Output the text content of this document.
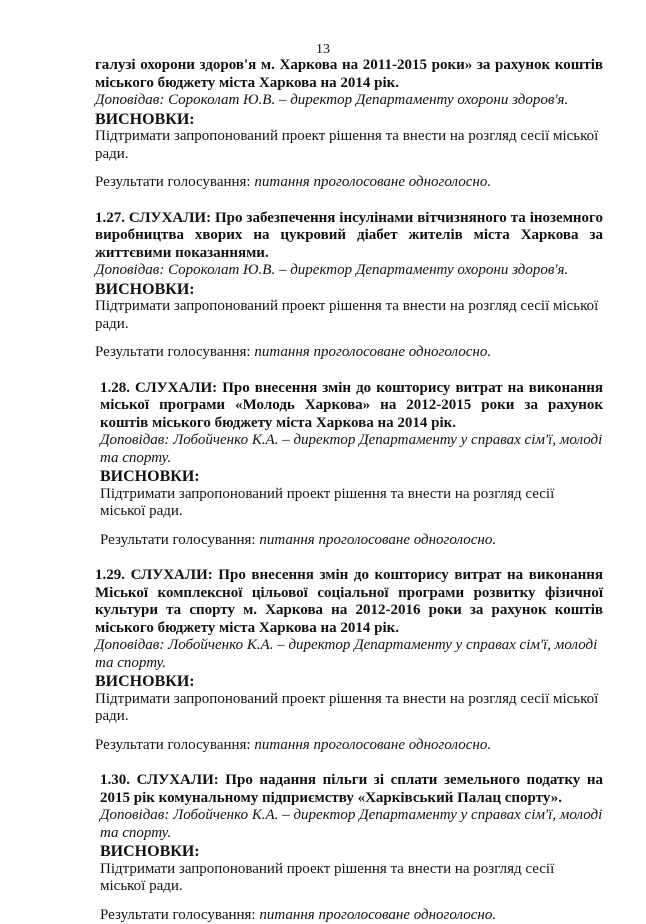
13

галузі охорони здоров'я м. Харкова на 2011-2015 роки» за рахунок коштів міського бюджету міста Харкова на 2014 рік.

Доповідав: Сороколат Ю.В. – директор Департаменту охорони здоров'я.

ВИСНОВКИ:

Підтримати запропонований проект рішення та внести на розгляд сесії міської ради.

Результати голосування: питання проголосоване одноголосно.

1.27. СЛУХАЛИ: Про забезпечення інсулінами вітчизняного та іноземного виробництва хворих на цукровий діабет жителів міста Харкова за життєвими показаннями.

Доповідав: Сороколат Ю.В. – директор Департаменту охорони здоров'я.

ВИСНОВКИ:

Підтримати запропонований проект рішення та внести на розгляд сесії міської ради.

Результати голосування: питання проголосоване одноголосно.

1.28. СЛУХАЛИ: Про внесення змін до кошторису витрат на виконання міської програми «Молодь Харкова» на 2012-2015 роки за рахунок коштів міського бюджету міста Харкова на 2014 рік.

Доповідав: Лобойченко К.А. – директор Департаменту у справах сім'ї, молоді та спорту.

ВИСНОВКИ:

Підтримати запропонований проект рішення та внести на розгляд сесії міської ради.

Результати голосування: питання проголосоване одноголосно.

1.29. СЛУХАЛИ: Про внесення змін до кошторису витрат на виконання Міської комплексної цільової соціальної програми розвитку фізичної культури та спорту м. Харкова на 2012-2016 роки за рахунок коштів міського бюджету міста Харкова на 2014 рік.

Доповідав: Лобойченко К.А. – директор Департаменту у справах сім'ї, молоді та спорту.

ВИСНОВКИ:

Підтримати запропонований проект рішення та внести на розгляд сесії міської ради.

Результати голосування: питання проголосоване одноголосно.

1.30. СЛУХАЛИ: Про надання пільги зі сплати земельного податку на 2015 рік комунальному підприємству «Харківський Палац спорту».

Доповідав: Лобойченко К.А. – директор Департаменту у справах сім'ї, молоді та спорту.

ВИСНОВКИ:

Підтримати запропонований проект рішення та внести на розгляд сесії міської ради.

Результати голосування: питання проголосоване одноголосно.
